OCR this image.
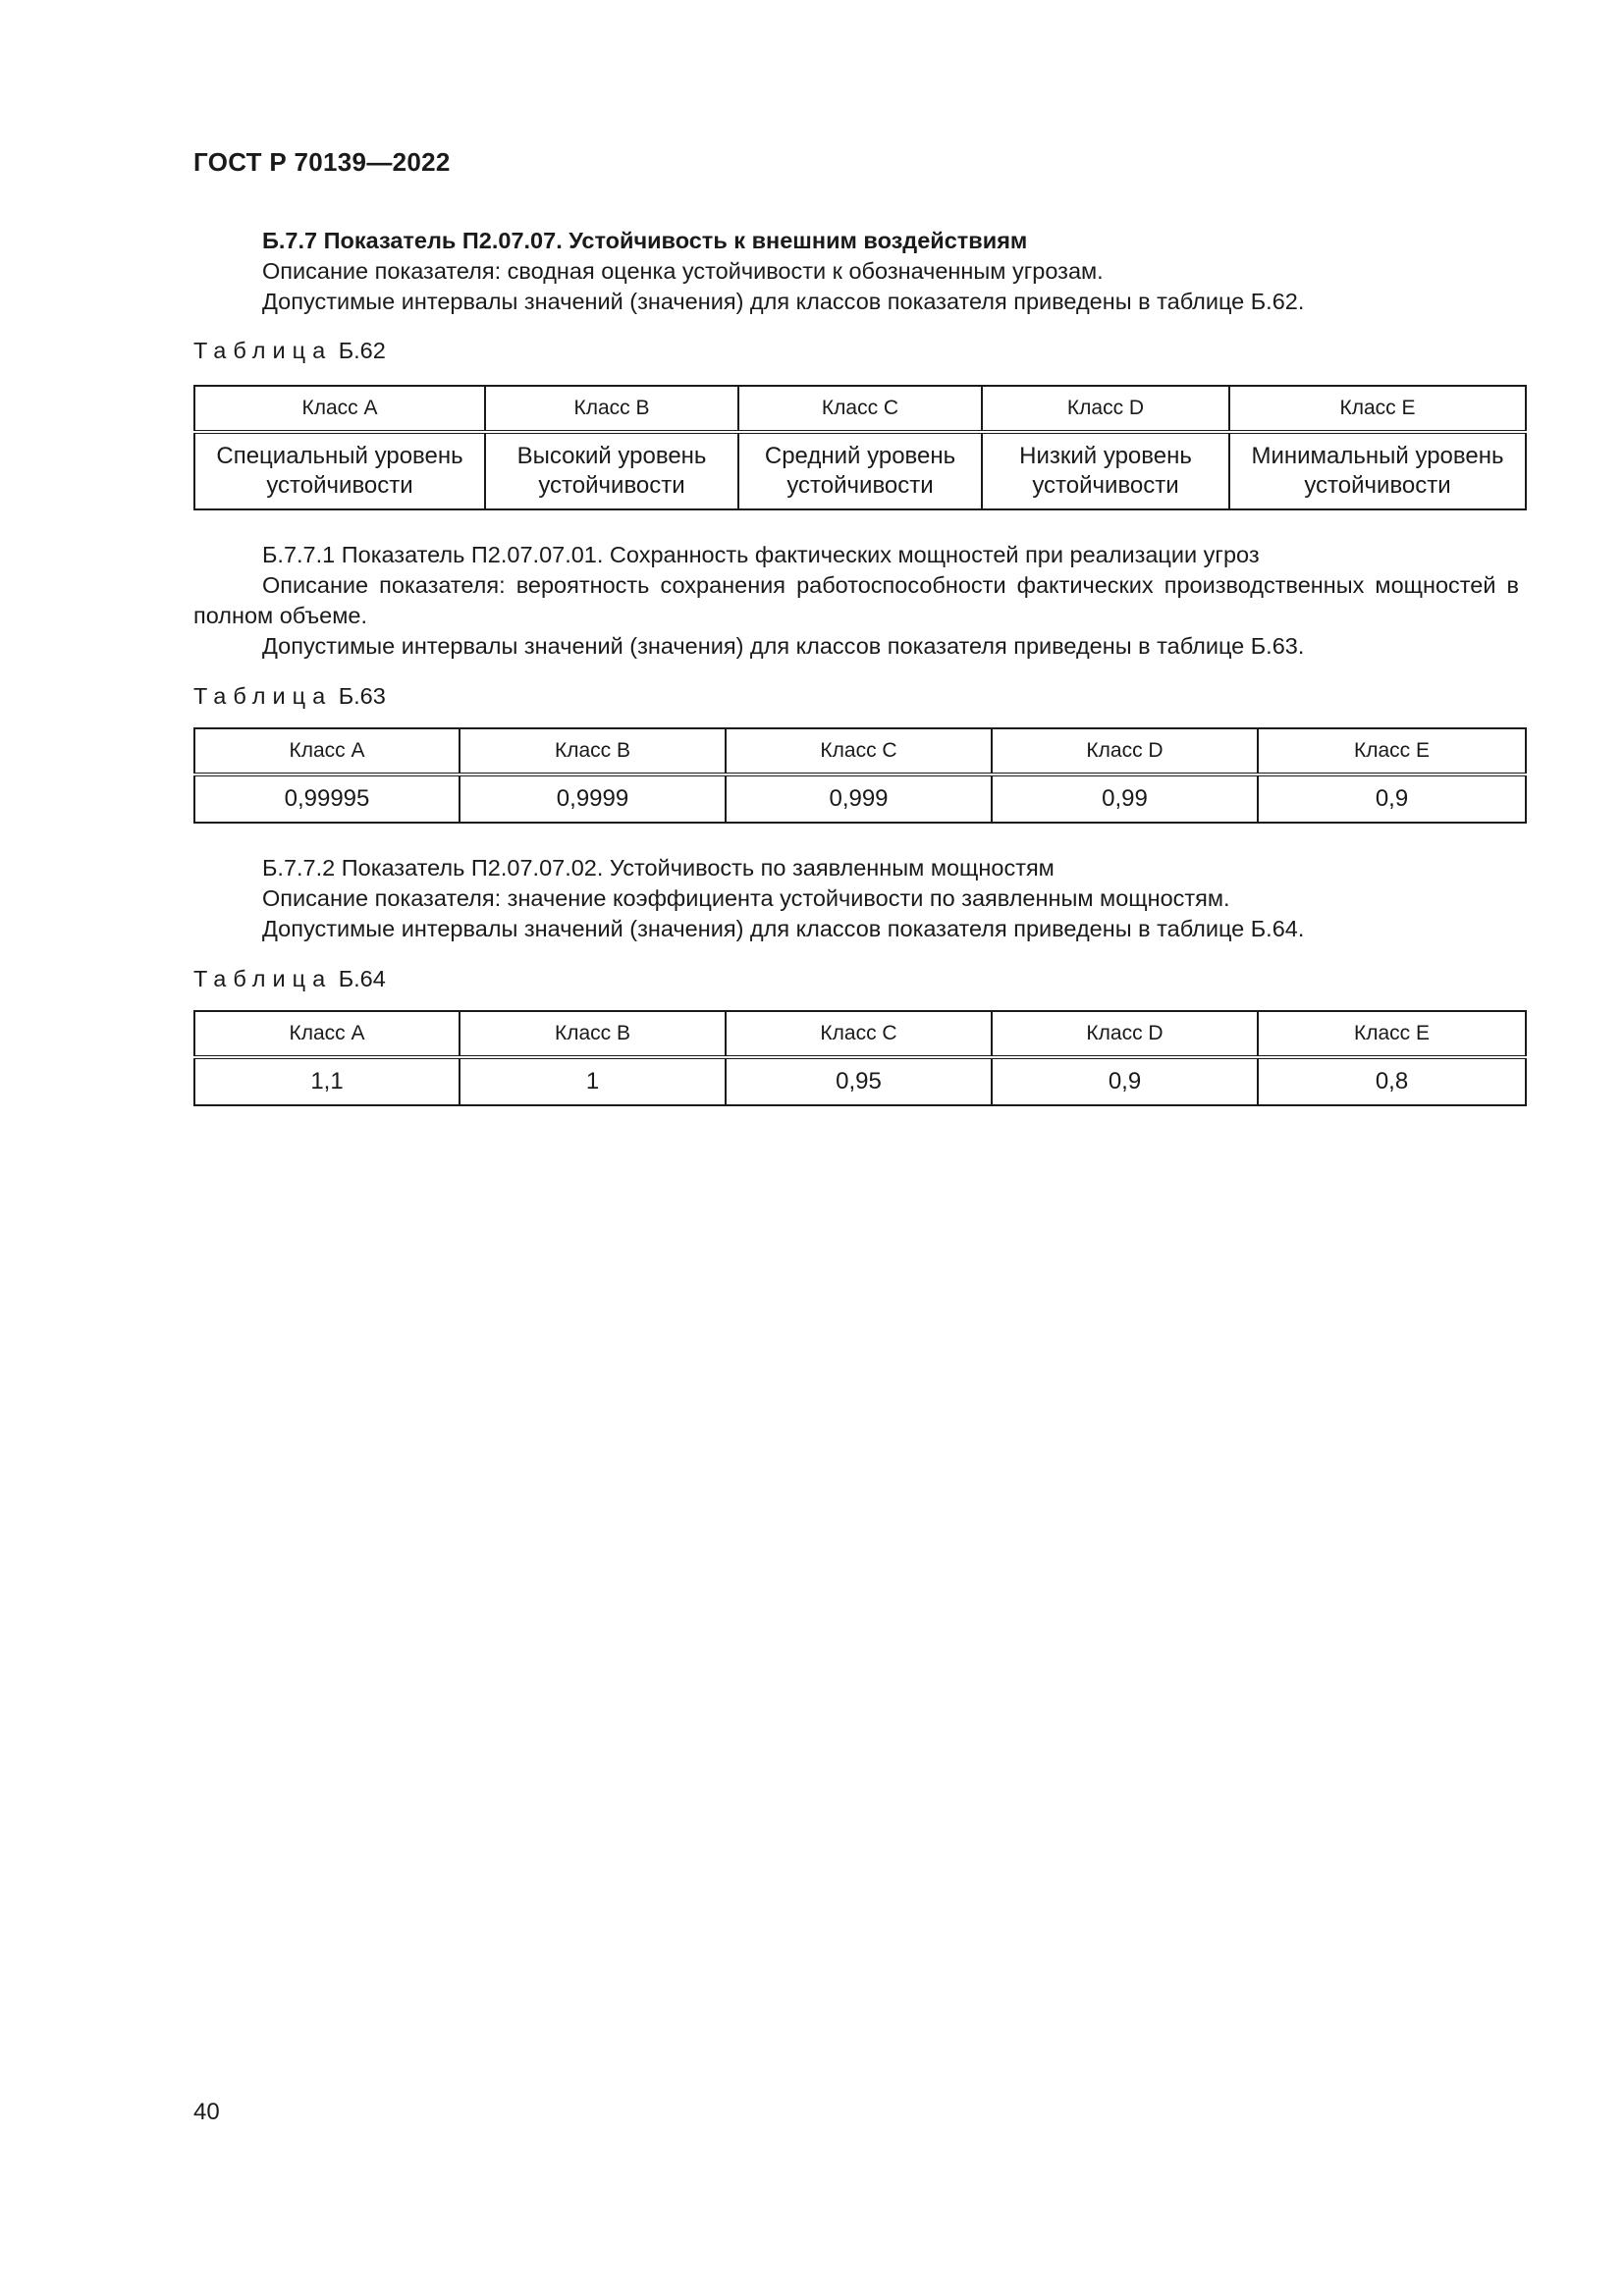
ГОСТ Р 70139—2022

Б.7.7 Показатель П2.07.07. Устойчивость к внешним воздействиям

Описание показателя: сводная оценка устойчивости к обозначенным угрозам.

Допустимые интервалы значений (значения) для классов показателя приведены в таблице Б.62.

Таблица Б.62
Класс А	Класс B	Класс C	Класс D	Класс E
Специальный уровень устойчивости	Высокий уровень устойчивости	Средний уровень устойчивости	Низкий уровень устойчивости	Минимальный уровень устойчивости

Б.7.7.1 Показатель П2.07.07.01. Сохранность фактических мощностей при реализации угроз

Описание показателя: вероятность сохранения работоспособности фактических производственных мощностей в полном объеме.

Допустимые интервалы значений (значения) для классов показателя приведены в таблице Б.63.

Таблица Б.63
Класс A	Класс B	Класс C	Класс D	Класс E
0,99995	0,9999	0,999	0,99	0,9

Б.7.7.2 Показатель П2.07.07.02. Устойчивость по заявленным мощностям

Описание показателя: значение коэффициента устойчивости по заявленным мощностям.

Допустимые интервалы значений (значения) для классов показателя приведены в таблице Б.64.

Таблица Б.64
Класс A	Класс B	Класс C	Класс D	Класс E
1,1	1	0,95	0,9	0,8
40
